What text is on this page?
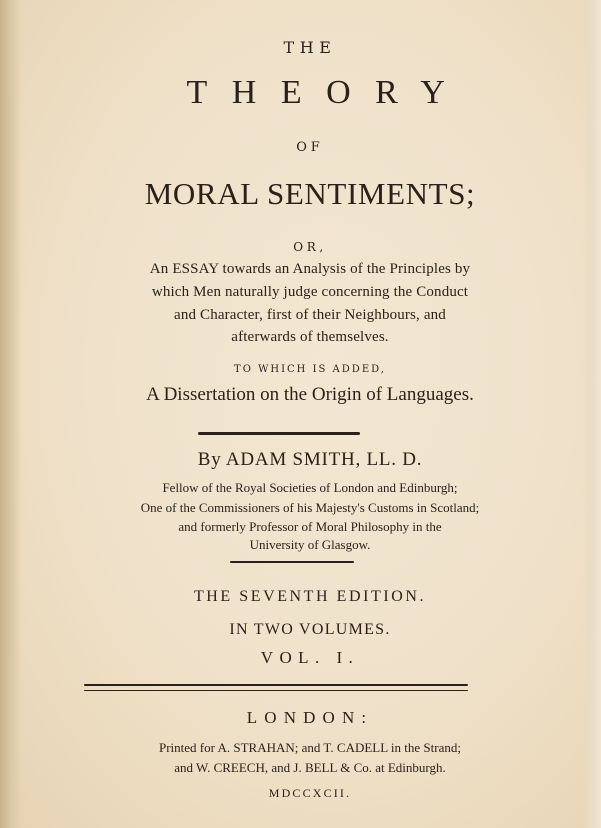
THE
THEORY
OF
MORAL SENTIMENTS;
OR,
An ESSAY towards an Analysis of the Principles by
which Men naturally judge concerning the Conduct
and Character, first of their Neighbours, and
afterwards of themselves.
TO WHICH IS ADDED,
A Dissertation on the Origin of Languages.
By ADAM SMITH, LL. D.
Fellow of the Royal Societies of London and Edinburgh;
One of the Commissioners of his Majesty's Customs in Scotland;
and formerly Professor of Moral Philosophy in the
University of Glasgow.
THE SEVENTH EDITION.
IN TWO VOLUMES.
VOL. I.
LONDON:
Printed for A. STRAHAN; and T. CADELL in the Strand;
and W. CREECH, and J. BELL & Co. at Edinburgh.
MDCCXCII.
